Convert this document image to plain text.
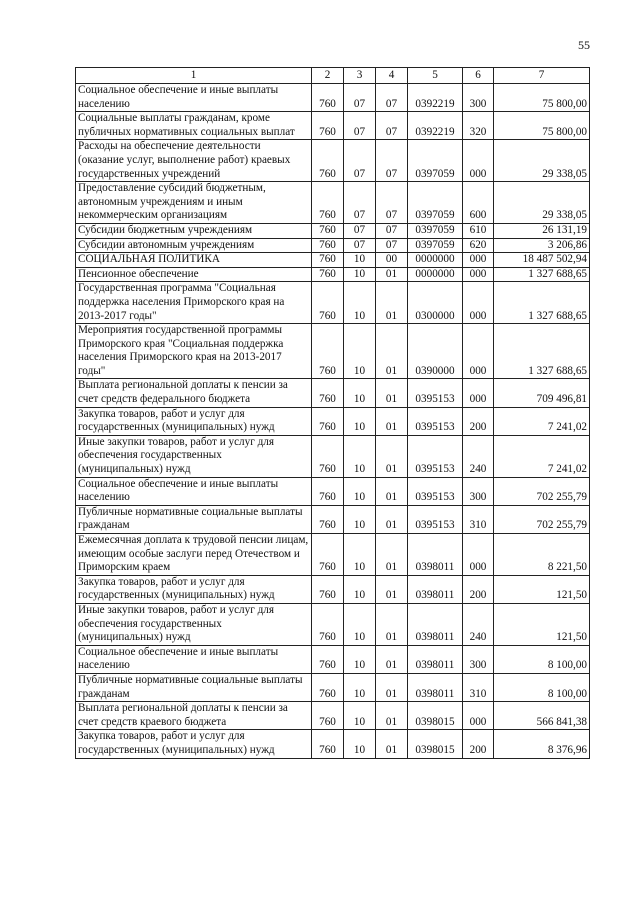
55
1	2	3	4	5	6	7
Социальное обеспечение и иные выплаты населению	760	07	07	0392219	300	75 800,00
Социальные выплаты гражданам, кроме публичных нормативных социальных выплат	760	07	07	0392219	320	75 800,00
Расходы на обеспечение деятельности (оказание услуг, выполнение работ) краевых государственных учреждений	760	07	07	0397059	000	29 338,05
Предоставление субсидий бюджетным, автономным учреждениям и иным некоммерческим организациям	760	07	07	0397059	600	29 338,05
Субсидии бюджетным учреждениям	760	07	07	0397059	610	26 131,19
Субсидии автономным учреждениям	760	07	07	0397059	620	3 206,86
СОЦИАЛЬНАЯ ПОЛИТИКА	760	10	00	0000000	000	18 487 502,94
Пенсионное обеспечение	760	10	01	0000000	000	1 327 688,65
Государственная программа "Социальная поддержка населения Приморского края на 2013-2017 годы"	760	10	01	0300000	000	1 327 688,65
Мероприятия государственной программы Приморского края "Социальная поддержка населения Приморского края на 2013-2017 годы"	760	10	01	0390000	000	1 327 688,65
Выплата региональной доплаты к пенсии за счет средств федерального бюджета	760	10	01	0395153	000	709 496,81
Закупка товаров, работ и услуг для государственных (муниципальных) нужд	760	10	01	0395153	200	7 241,02
Иные закупки товаров, работ и услуг для обеспечения государственных (муниципальных) нужд	760	10	01	0395153	240	7 241,02
Социальное обеспечение и иные выплаты населению	760	10	01	0395153	300	702 255,79
Публичные нормативные социальные выплаты гражданам	760	10	01	0395153	310	702 255,79
Ежемесячная доплата к трудовой пенсии лицам, имеющим особые заслуги перед Отечеством и Приморским краем	760	10	01	0398011	000	8 221,50
Закупка товаров, работ и услуг для государственных (муниципальных) нужд	760	10	01	0398011	200	121,50
Иные закупки товаров, работ и услуг для обеспечения государственных (муниципальных) нужд	760	10	01	0398011	240	121,50
Социальное обеспечение и иные выплаты населению	760	10	01	0398011	300	8 100,00
Публичные нормативные социальные выплаты гражданам	760	10	01	0398011	310	8 100,00
Выплата региональной доплаты к пенсии за счет средств краевого бюджета	760	10	01	0398015	000	566 841,38
Закупка товаров, работ и услуг для государственных (муниципальных) нужд	760	10	01	0398015	200	8 376,96
